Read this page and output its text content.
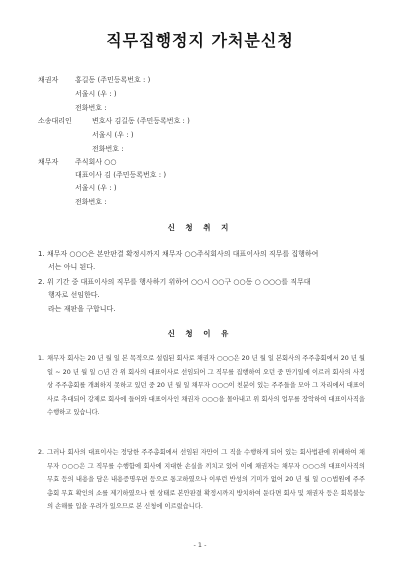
직무집행정지 가처분신청
채권자 홍길동 (주민등록번호 : )
서울시 (우 : )
전화번호 :
소송대리인	변호사 김길동 (주민등록번호 : )
서울시 (우 : )
전화번호 :
채무자 주식회사 ○○
대표이사 김 (주민등록번호 : )
서울시 (우 : )
전화번호 :
신 청 취 지
1. 채무자 ○○○은 본안판결 확정시까지 채무자 ○○주식회사의 대표이사의 직무를 집행하여
서는 아니 된다.
2. 위 기간 중 대표이사의 직무를 행사하기 위하여 ○○시 ○○구 ○○동 ○ ○○○를 직무대
행자로 선임한다.
라는 재판을 구합니다.
신 청 이 유
1. 채무자 회사는 20 년 월 일 본 목적으로 설립된 회사로 채권자 ○○○은 20 년 월 일 본회사의 주주총회에서 20 년 월 일 ~ 20 년 월 일 ○년 간 위 회사의 대표이사로 선임되어 그 직무를 집행하여 오던 중 만기일에 이르러 회사의 사정상 주주총회를 개최하지 못하고 있던 중 20 년 월 일 채무자 ○○○이 친분이 있는 주주들을 모아 그 자리에서 대표이사로 추대되어 강제로 회사에 들어와 대표이사인 채권자 ○○○을 몰아내고 위 회사의 업무를 장악하여 대표이사직을 수행하고 있습니다.
2. 그러나 회사의 대표이사는 정당한 주주총회에서 선임된 자만이 그 직을 수행하게 되어 있는 회사법관에 위배하여 채무자 ○○○은 그 직무를 수행함에 회사에 지대한 손실을 끼치고 있어 이에 채권자는 채무자 ○○○의 대표이사직의 무효 등의 내용을 담은 내용증명우편 등으로 통고하였으나 이루런 반성의 기미가 없어 20 년 월 일 ○○법원에 주주총회 무효 확인의 소를 제기하였으나 현 상태로 본안판결 확정시까지 방치하여 둔다면 회사 및 채권자 등은 회복불능의 손해를 입을 우려가 있으므로 본 신청에 이르렀습니다.
- 1 -
